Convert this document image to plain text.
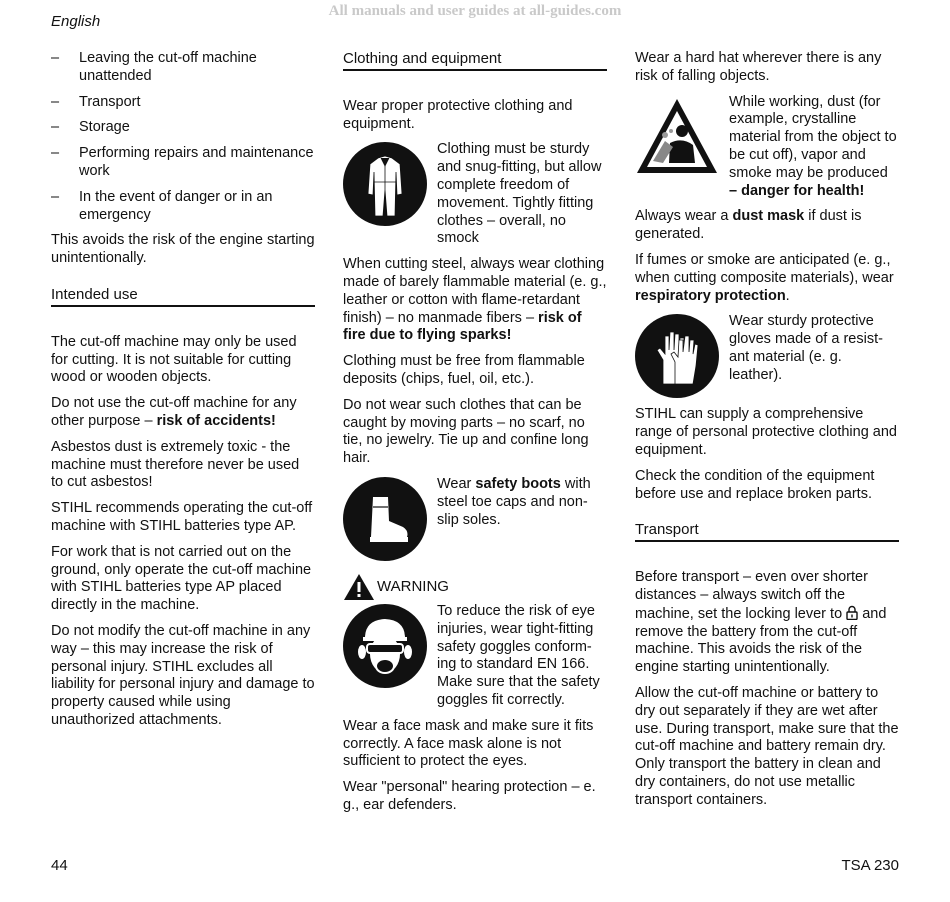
All manuals and user guides at all-guides.com
English
–	Leaving the cut-off machine unattended
–	Transport
–	Storage
–	Performing repairs and maintenance work
–	In the event of danger or in an emergency

This avoids the risk of the engine starting unintentionally.

Intended use

The cut-off machine may only be used for cutting. It is not suitable for cutting wood or wooden objects.

Do not use the cut-off machine for any other purpose – risk of accidents!

Asbestos dust is extremely toxic - the machine must therefore never be used to cut asbestos!

STIHL recommends operating the cut-off machine with STIHL batteries type AP.

For work that is not carried out on the ground, only operate the cut-off machine with STIHL batteries type AP placed directly in the machine.

Do not modify the cut-off machine in any way – this may increase the risk of personal injury. STIHL excludes all liability for personal injury and damage to property caused while using unauthorized attachments.

Clothing and equipment

Wear proper protective clothing and equipment.

Clothing must be sturdy and snug-fitting, but allow complete freedom of movement. Tightly fitting clothes – overall, no smock

When cutting steel, always wear clothing made of barely flammable material (e. g., leather or cotton with flame-retardant finish) – no manmade fibers – risk of fire due to flying sparks!

Clothing must be free from flammable deposits (chips, fuel, oil, etc.).

Do not wear such clothes that can be caught by moving parts – no scarf, no tie, no jewelry. Tie up and confine long hair.

Wear safety boots with steel toe caps and non-slip soles.
WARNING
To reduce the risk of eye injuries, wear tight-fitting safety goggles conform-ing to standard EN 166. Make sure that the safety goggles fit correctly.

Wear a face mask and make sure it fits correctly. A face mask alone is not sufficient to protect the eyes.

Wear "personal" hearing protection – e. g., ear defenders.

Wear a hard hat wherever there is any risk of falling objects.

While working, dust (for example, crystalline material from the object to be cut off), vapor and smoke may be produced – danger for health!

Always wear a dust mask if dust is generated.

If fumes or smoke are anticipated (e. g., when cutting composite materials), wear respiratory protection.

Wear sturdy protective gloves made of a resist-ant material (e. g. leather).

STIHL can supply a comprehensive range of personal protective clothing and equipment.

Check the condition of the equipment before use and replace broken parts.

Transport

Before transport – even over shorter distances – always switch off the machine, set the locking lever to  and remove the battery from the cut-off machine. This avoids the risk of the engine starting unintentionally.

Allow the cut-off machine or battery to dry out separately if they are wet after use. During transport, make sure that the cut-off machine and battery remain dry. Only transport the battery in clean and dry containers, do not use metallic transport containers.

44	TSA 230
